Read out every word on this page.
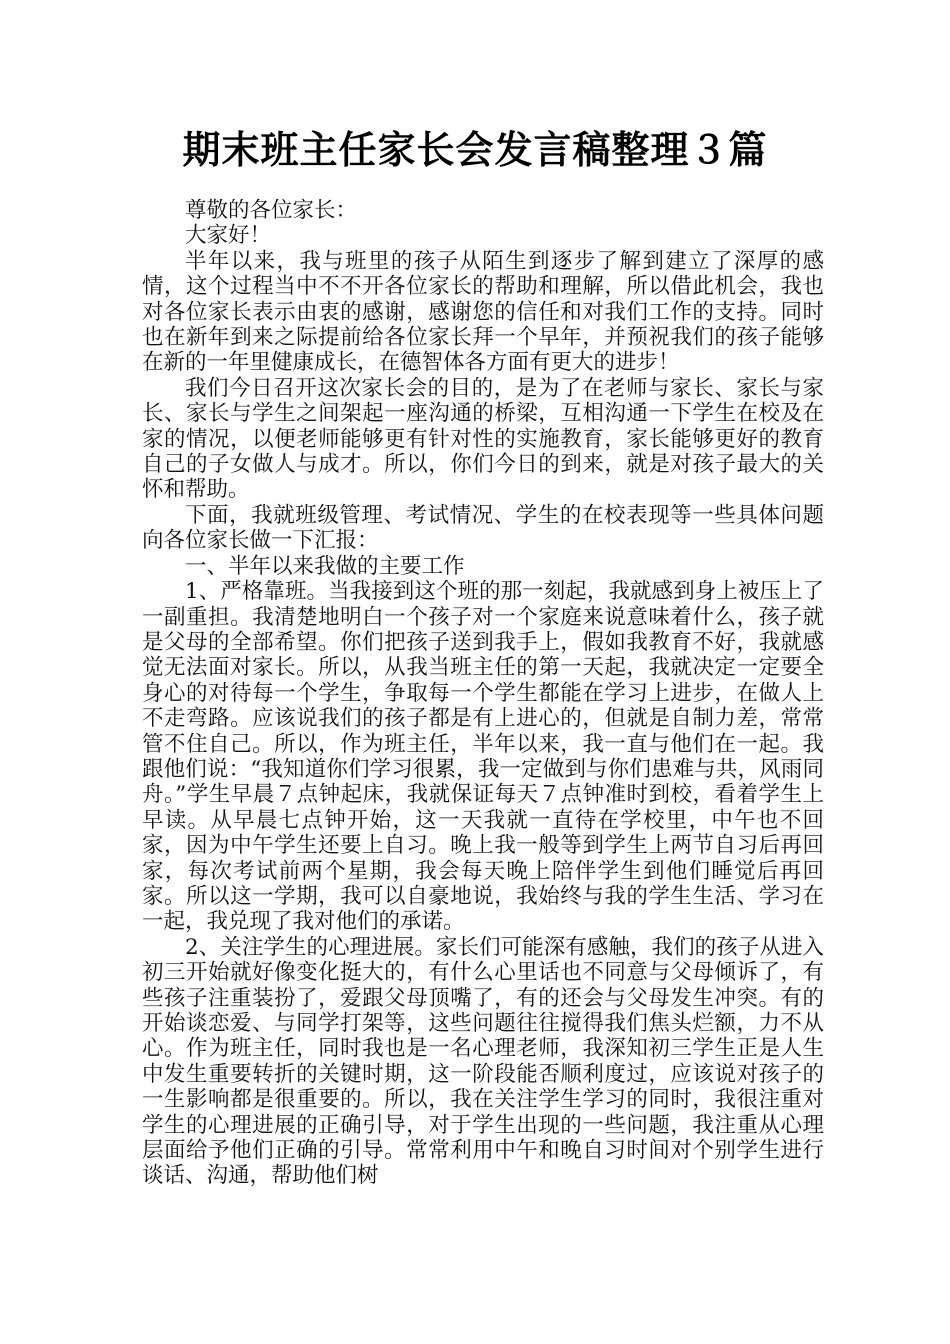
期末班主任家长会发言稿整理３篇

尊敬的各位家长：

大家好！

半年以来，我与班里的孩子从陌生到逐步了解到建立了深厚的感情，这个过程当中不不开各位家长的帮助和理解，所以借此机会，我也对各位家长表示由衷的感谢，感谢您的信任和对我们工作的支持。同时也在新年到来之际提前给各位家长拜一个早年，并预祝我们的孩子能够在新的一年里健康成长，在德智体各方面有更大的进步！

我们今日召开这次家长会的目的，是为了在老师与家长、家长与家长、家长与学生之间架起一座沟通的桥梁，互相沟通一下学生在校及在家的情况，以便老师能够更有针对性的实施教育，家长能够更好的教育自己的子女做人与成才。所以，你们今日的到来，就是对孩子最大的关怀和帮助。

下面，我就班级管理、考试情况、学生的在校表现等一些具体问题向各位家长做一下汇报：

一、半年以来我做的主要工作

1、严格靠班。当我接到这个班的那一刻起，我就感到身上被压上了一副重担。我清楚地明白一个孩子对一个家庭来说意味着什么，孩子就是父母的全部希望。你们把孩子送到我手上，假如我教育不好，我就感觉无法面对家长。所以，从我当班主任的第一天起，我就决定一定要全身心的对待每一个学生，争取每一个学生都能在学习上进步，在做人上不走弯路。应该说我们的孩子都是有上进心的，但就是自制力差，常常管不住自己。所以，作为班主任，半年以来，我一直与他们在一起。我跟他们说：“我知道你们学习很累，我一定做到与你们患难与共，风雨同舟。”学生早晨７点钟起床，我就保证每天７点钟准时到校，看着学生上早读。从早晨七点钟开始，这一天我就一直待在学校里，中午也不回家，因为中午学生还要上自习。晚上我一般等到学生上两节自习后再回家，每次考试前两个星期，我会每天晚上陪伴学生到他们睡觉后再回家。所以这一学期，我可以自豪地说，我始终与我的学生生活、学习在一起，我兑现了我对他们的承诺。

2、关注学生的心理进展。家长们可能深有感触，我们的孩子从进入初三开始就好像变化挺大的，有什么心里话也不同意与父母倾诉了，有些孩子注重装扮了，爱跟父母顶嘴了，有的还会与父母发生冲突。有的开始谈恋爱、与同学打架等，这些问题往往搅得我们焦头烂额，力不从心。作为班主任，同时我也是一名心理老师，我深知初三学生正是人生中发生重要转折的关键时期，这一阶段能否顺利度过，应该说对孩子的一生影响都是很重要的。所以，我在关注学生学习的同时，我很注重对学生的心理进展的正确引导，对于学生出现的一些问题，我注重从心理层面给予他们正确的引导。常常利用中午和晚自习时间对个别学生进行谈话、沟通，帮助他们树
